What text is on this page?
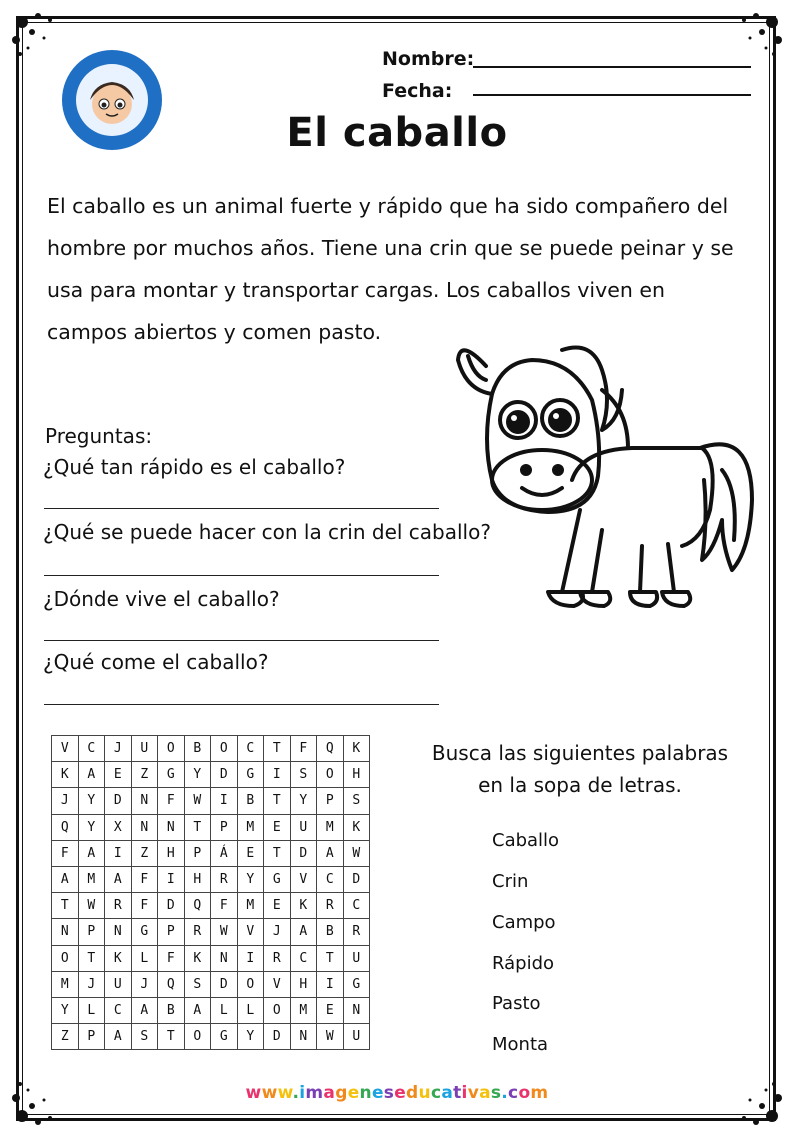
Nombre:
Fecha:
El caballo

El caballo es un animal fuerte y rápido que ha sido compañero del

hombre por muchos años. Tiene una crin que se puede peinar y se

usa para montar y transportar cargas. Los caballos viven en

campos abiertos y comen pasto.

Preguntas:
¿Qué tan rápido es el caballo?
¿Qué se puede hacer con la crin del caballo?
¿Dónde vive el caballo?
¿Qué come el caballo?
V	C	J	U	O	B	O	C	T	F	Q	K
K	A	E	Z	G	Y	D	G	I	S	O	H
J	Y	D	N	F	W	I	B	T	Y	P	S
Q	Y	X	N	N	T	P	M	E	U	M	K
F	A	I	Z	H	P	Á	E	T	D	A	W
A	M	A	F	I	H	R	Y	G	V	C	D
T	W	R	F	D	Q	F	M	E	K	R	C
N	P	N	G	P	R	W	V	J	A	B	R
O	T	K	L	F	K	N	I	R	C	T	U
M	J	U	J	Q	S	D	O	V	H	I	G
Y	L	C	A	B	A	L	L	O	M	E	N
Z	P	A	S	T	O	G	Y	D	N	W	U
Busca las siguientes palabras
en la sopa de letras.
Caballo
Crin
Campo
Rápido
Pasto
Monta
www.imageneseducativas.com
